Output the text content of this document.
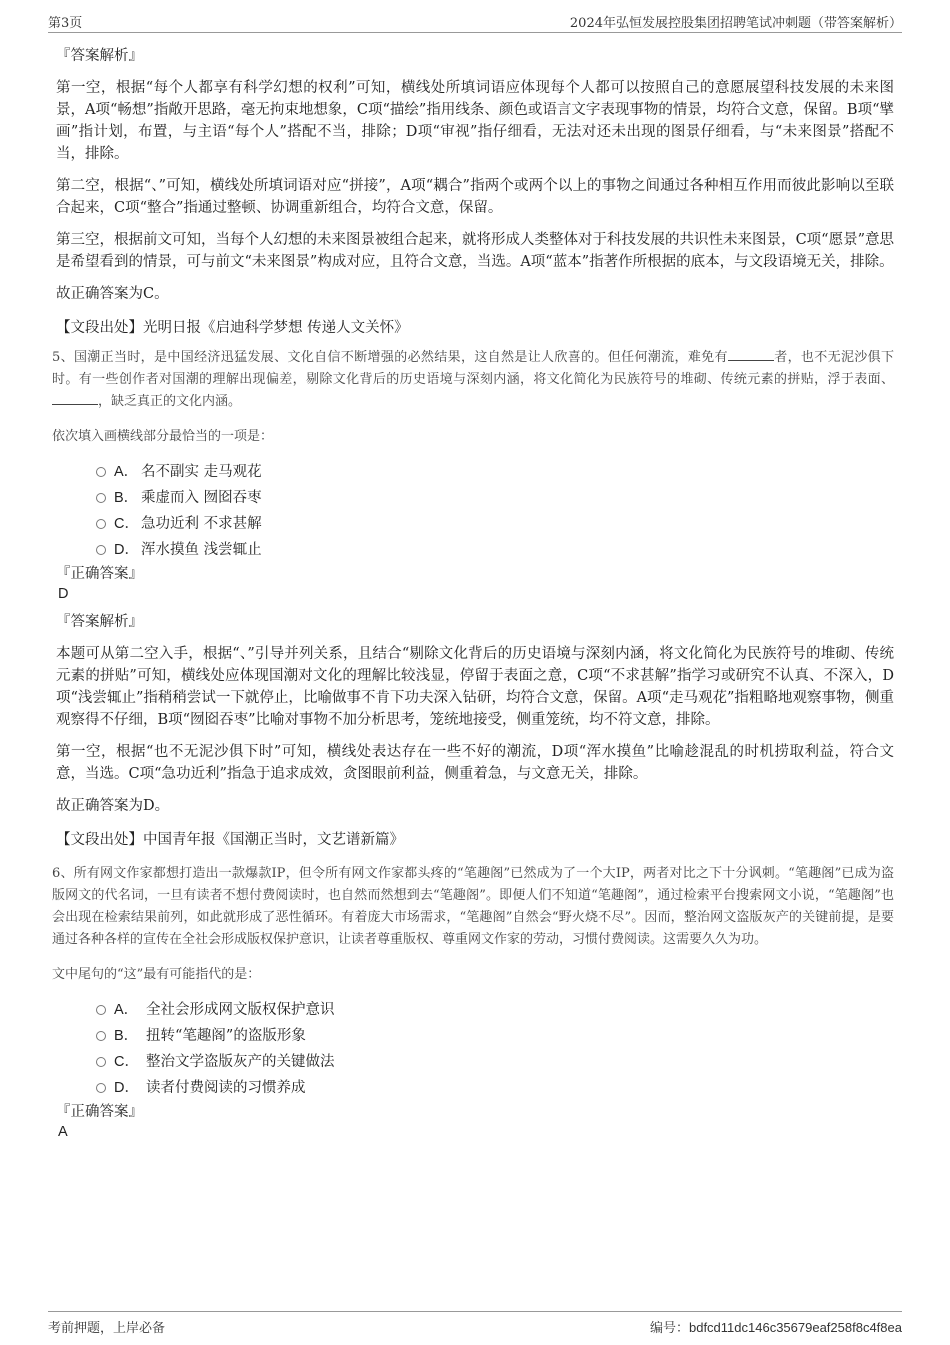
第3页	2024年弘恒发展控股集团招聘笔试冲刺题（带答案解析）

『答案解析』

第一空，根据“每个人都享有科学幻想的权利”可知，横线处所填词语应体现每个人都可以按照自己的意愿展望科技发展的未来图景，A项“畅想”指敞开思路，毫无拘束地想象，C项“描绘”指用线条、颜色或语言文字表现事物的情景，均符合文意，保留。B项“擘画”指计划，布置，与主语“每个人”搭配不当，排除；D项“审视”指仔细看，无法对还未出现的图景仔细看，与“未来图景”搭配不当，排除。

第二空，根据“、”可知，横线处所填词语对应“拼接”，A项“耦合”指两个或两个以上的事物之间通过各种相互作用而彼此影响以至联合起来，C项“整合”指通过整顿、协调重新组合，均符合文意，保留。

第三空，根据前文可知，当每个人幻想的未来图景被组合起来，就将形成人类整体对于科技发展的共识性未来图景，C项“愿景”意思是希望看到的情景，可与前文“未来图景”构成对应，且符合文意，当选。A项“蓝本”指著作所根据的底本，与文段语境无关，排除。

故正确答案为C。

【文段出处】光明日报《启迪科学梦想 传递人文关怀》

5、国潮正当时，是中国经济迅猛发展、文化自信不断增强的必然结果，这自然是让人欣喜的。但任何潮流，难免有	者，也不无泥沙俱下时。有一些创作者对国潮的理解出现偏差，剔除文化背后的历史语境与深刻内涵，将文化简化为民族符号的堆砌、传统元素的拼贴，浮于表面、，缺乏真正的文化内涵。

依次填入画横线部分最恰当的一项是：

A． 名不副实 走马观花
B． 乘虚而入 囫囵吞枣
C． 急功近利 不求甚解
D． 浑水摸鱼 浅尝辄止

『正确答案』

D

『答案解析』

本题可从第二空入手，根据“、”引导并列关系，且结合“剔除文化背后的历史语境与深刻内涵，将文化简化为民族符号的堆砌、传统元素的拼贴”可知，横线处应体现国潮对文化的理解比较浅显，停留于表面之意，C项“不求甚解”指学习或研究不认真、不深入，D项“浅尝辄止”指稍稍尝试一下就停止，比喻做事不肯下功夫深入钻研，均符合文意，保留。A项“走马观花”指粗略地观察事物，侧重观察得不仔细，B项“囫囵吞枣”比喻对事物不加分析思考，笼统地接受，侧重笼统，均不符文意，排除。

第一空，根据“也不无泥沙俱下时”可知，横线处表达存在一些不好的潮流，D项“浑水摸鱼”比喻趁混乱的时机捞取利益，符合文意，当选。C项“急功近利”指急于追求成效，贪图眼前利益，侧重着急，与文意无关，排除。

故正确答案为D。

【文段出处】中国青年报《国潮正当时，文艺谱新篇》

6、所有网文作家都想打造出一款爆款IP，但令所有网文作家都头疼的“笔趣阁”已然成为了一个大IP，两者对比之下十分讽刺。“笔趣阁”已成为盗版网文的代名词，一旦有读者不想付费阅读时，也自然而然想到去“笔趣阁”。即便人们不知道“笔趣阁”，通过检索平台搜索网文小说，“笔趣阁”也会出现在检索结果前列，如此就形成了恶性循环。有着庞大市场需求，“笔趣阁”自然会“野火烧不尽”。因而，整治网文盗版灰产的关键前提，是要通过各种各样的宣传在全社会形成版权保护意识，让读者尊重版权、尊重网文作家的劳动，习惯付费阅读。这需要久久为功。

文中尾句的“这”最有可能指代的是：

A． 全社会形成网文版权保护意识
B． 扭转“笔趣阁”的盗版形象
C． 整治文学盗版灰产的关键做法
D． 读者付费阅读的习惯养成

『正确答案』

A

考前押题，上岸必备	编号：bdfcd11dc146c35679eaf258f8c4f8ea
